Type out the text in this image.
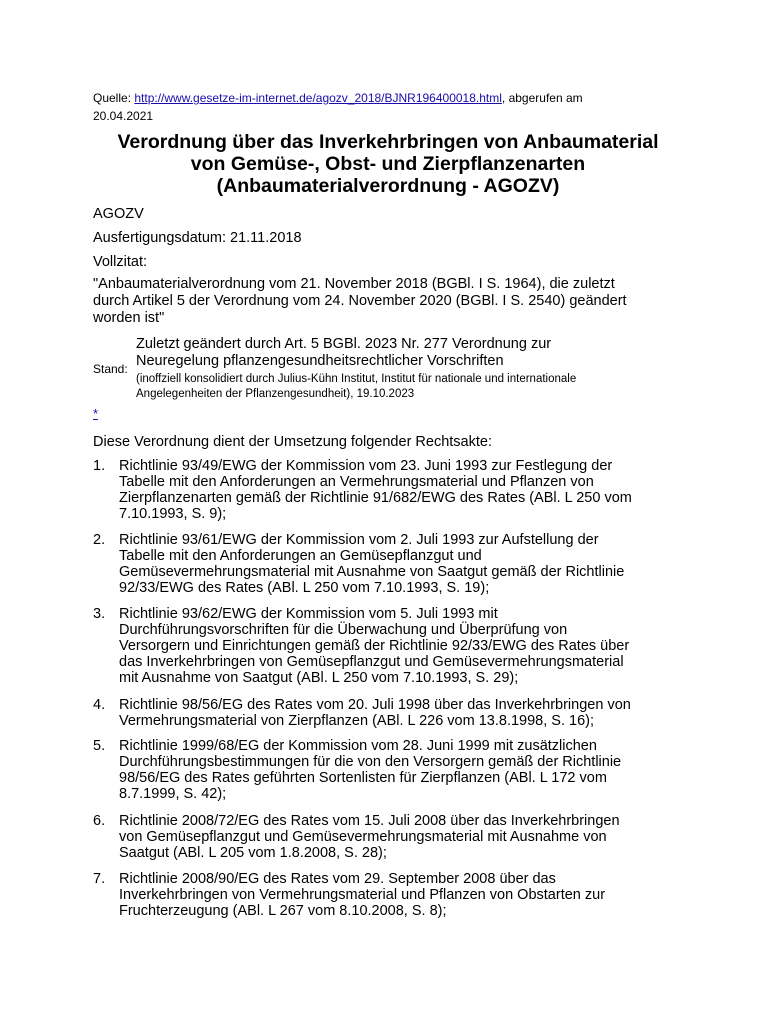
Quelle: http://www.gesetze-im-internet.de/agozv_2018/BJNR196400018.html, abgerufen am
20.04.2021
Verordnung über das Inverkehrbringen von Anbaumaterial
von Gemüse-, Obst- und Zierpflanzenarten
(Anbaumaterialverordnung - AGOZV)
AGOZV
Ausfertigungsdatum: 21.11.2018
Vollzitat:
"Anbaumaterialverordnung vom 21. November 2018 (BGBl. I S. 1964), die zuletzt
durch Artikel 5 der Verordnung vom 24. November 2020 (BGBl. I S. 2540) geändert
worden ist"
Stand:
Zuletzt geändert durch Art. 5 BGBl. 2023 Nr. 277 Verordnung zur
Neuregelung pflanzengesundheitsrechtlicher Vorschriften
(inoffziell konsolidiert durch Julius-Kühn Institut, Institut für nationale und internationale
Angelegenheiten der Pflanzengesundheit), 19.10.2023
*
Diese Verordnung dient der Umsetzung folgender Rechtsakte:
1. Richtlinie 93/49/EWG der Kommission vom 23. Juni 1993 zur Festlegung der
Tabelle mit den Anforderungen an Vermehrungsmaterial und Pflanzen von
Zierpflanzenarten gemäß der Richtlinie 91/682/EWG des Rates (ABl. L 250 vom
7.10.1993, S. 9);
2. Richtlinie 93/61/EWG der Kommission vom 2. Juli 1993 zur Aufstellung der
Tabelle mit den Anforderungen an Gemüsepflanzgut und
Gemüsevermehrungsmaterial mit Ausnahme von Saatgut gemäß der Richtlinie
92/33/EWG des Rates (ABl. L 250 vom 7.10.1993, S. 19);
3. Richtlinie 93/62/EWG der Kommission vom 5. Juli 1993 mit
Durchführungsvorschriften für die Überwachung und Überprüfung von
Versorgern und Einrichtungen gemäß der Richtlinie 92/33/EWG des Rates über
das Inverkehrbringen von Gemüsepflanzgut und Gemüsevermehrungsmaterial
mit Ausnahme von Saatgut (ABl. L 250 vom 7.10.1993, S. 29);
4. Richtlinie 98/56/EG des Rates vom 20. Juli 1998 über das Inverkehrbringen von
Vermehrungsmaterial von Zierpflanzen (ABl. L 226 vom 13.8.1998, S. 16);
5. Richtlinie 1999/68/EG der Kommission vom 28. Juni 1999 mit zusätzlichen
Durchführungsbestimmungen für die von den Versorgern gemäß der Richtlinie
98/56/EG des Rates geführten Sortenlisten für Zierpflanzen (ABl. L 172 vom
8.7.1999, S. 42);
6. Richtlinie 2008/72/EG des Rates vom 15. Juli 2008 über das Inverkehrbringen
von Gemüsepflanzgut und Gemüsevermehrungsmaterial mit Ausnahme von
Saatgut (ABl. L 205 vom 1.8.2008, S. 28);
7. Richtlinie 2008/90/EG des Rates vom 29. September 2008 über das
Inverkehrbringen von Vermehrungsmaterial und Pflanzen von Obstarten zur
Fruchterzeugung (ABl. L 267 vom 8.10.2008, S. 8);
